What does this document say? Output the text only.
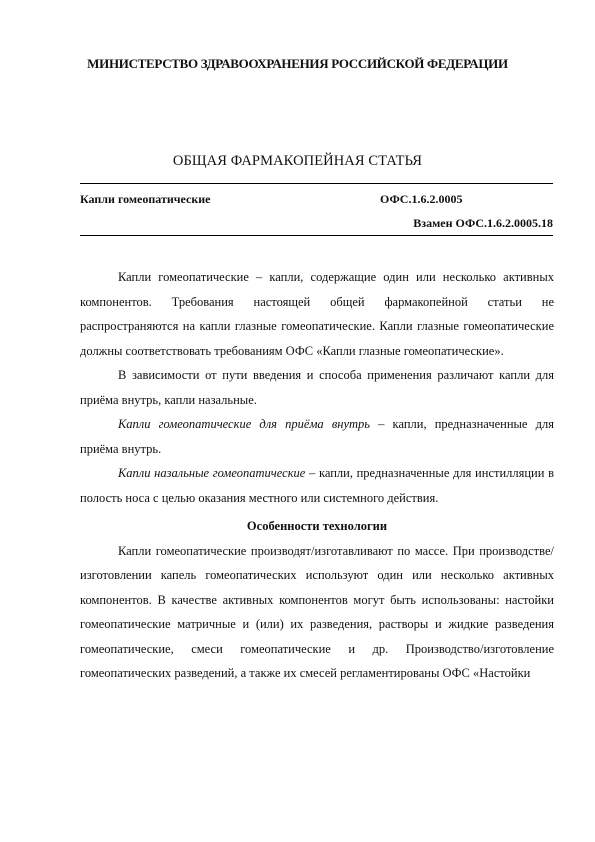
МИНИСТЕРСТВО ЗДРАВООХРАНЕНИЯ РОССИЙСКОЙ ФЕДЕРАЦИИ
ОБЩАЯ ФАРМАКОПЕЙНАЯ СТАТЬЯ
Капли гомеопатические	ОФС.1.6.2.0005
Взамен ОФС.1.6.2.0005.18

Капли гомеопатические – капли, содержащие один или несколько активных компонентов. Требования настоящей общей фармакопейной статьи не распространяются на капли глазные гомеопатические. Капли глазные гомеопатические должны соответствовать требованиям ОФС «Капли глазные гомеопатические».

В зависимости от пути введения и способа применения различают капли для приёма внутрь, капли назальные.

Капли гомеопатические для приёма внутрь – капли, предназначенные для приёма внутрь.

Капли назальные гомеопатические – капли, предназначенные для инстилляции в полость носа с целью оказания местного или системного действия.

Особенности технологии

Капли гомеопатические производят/изготавливают по массе. При производстве/изготовлении капель гомеопатических используют один или несколько активных компонентов. В качестве активных компонентов могут быть использованы: настойки гомеопатические матричные и (или) их разведения, растворы и жидкие разведения гомеопатические, смеси гомеопатические и др. Производство/изготовление гомеопатических разведений, а также их смесей регламентированы ОФС «Настойки
